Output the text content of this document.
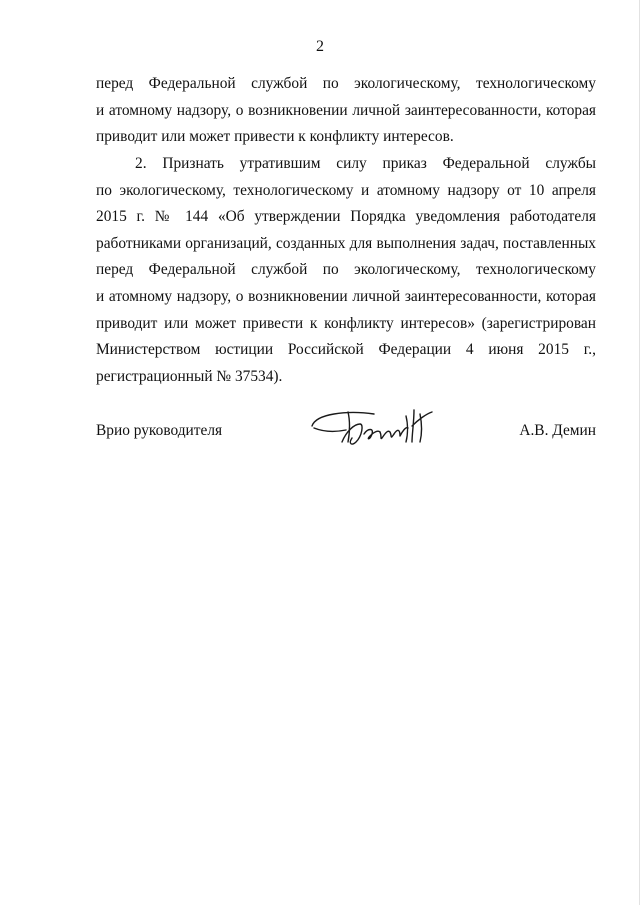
2
перед Федеральной службой по экологическому, технологическому
и атомному надзору, о возникновении личной заинтересованности, которая
приводит или может привести к конфликту интересов.
2. Признать утратившим силу приказ Федеральной службы
по экологическому, технологическому и атомному надзору от 10 апреля
2015 г. № 144 «Об утверждении Порядка уведомления работодателя
работниками организаций, созданных для выполнения задач, поставленных
перед Федеральной службой по экологическому, технологическому
и атомному надзору, о возникновении личной заинтересованности, которая
приводит или может привести к конфликту интересов» (зарегистрирован
Министерством юстиции Российской Федерации 4 июня 2015 г.,
регистрационный № 37534).
Врио руководителя	А.В. Демин
